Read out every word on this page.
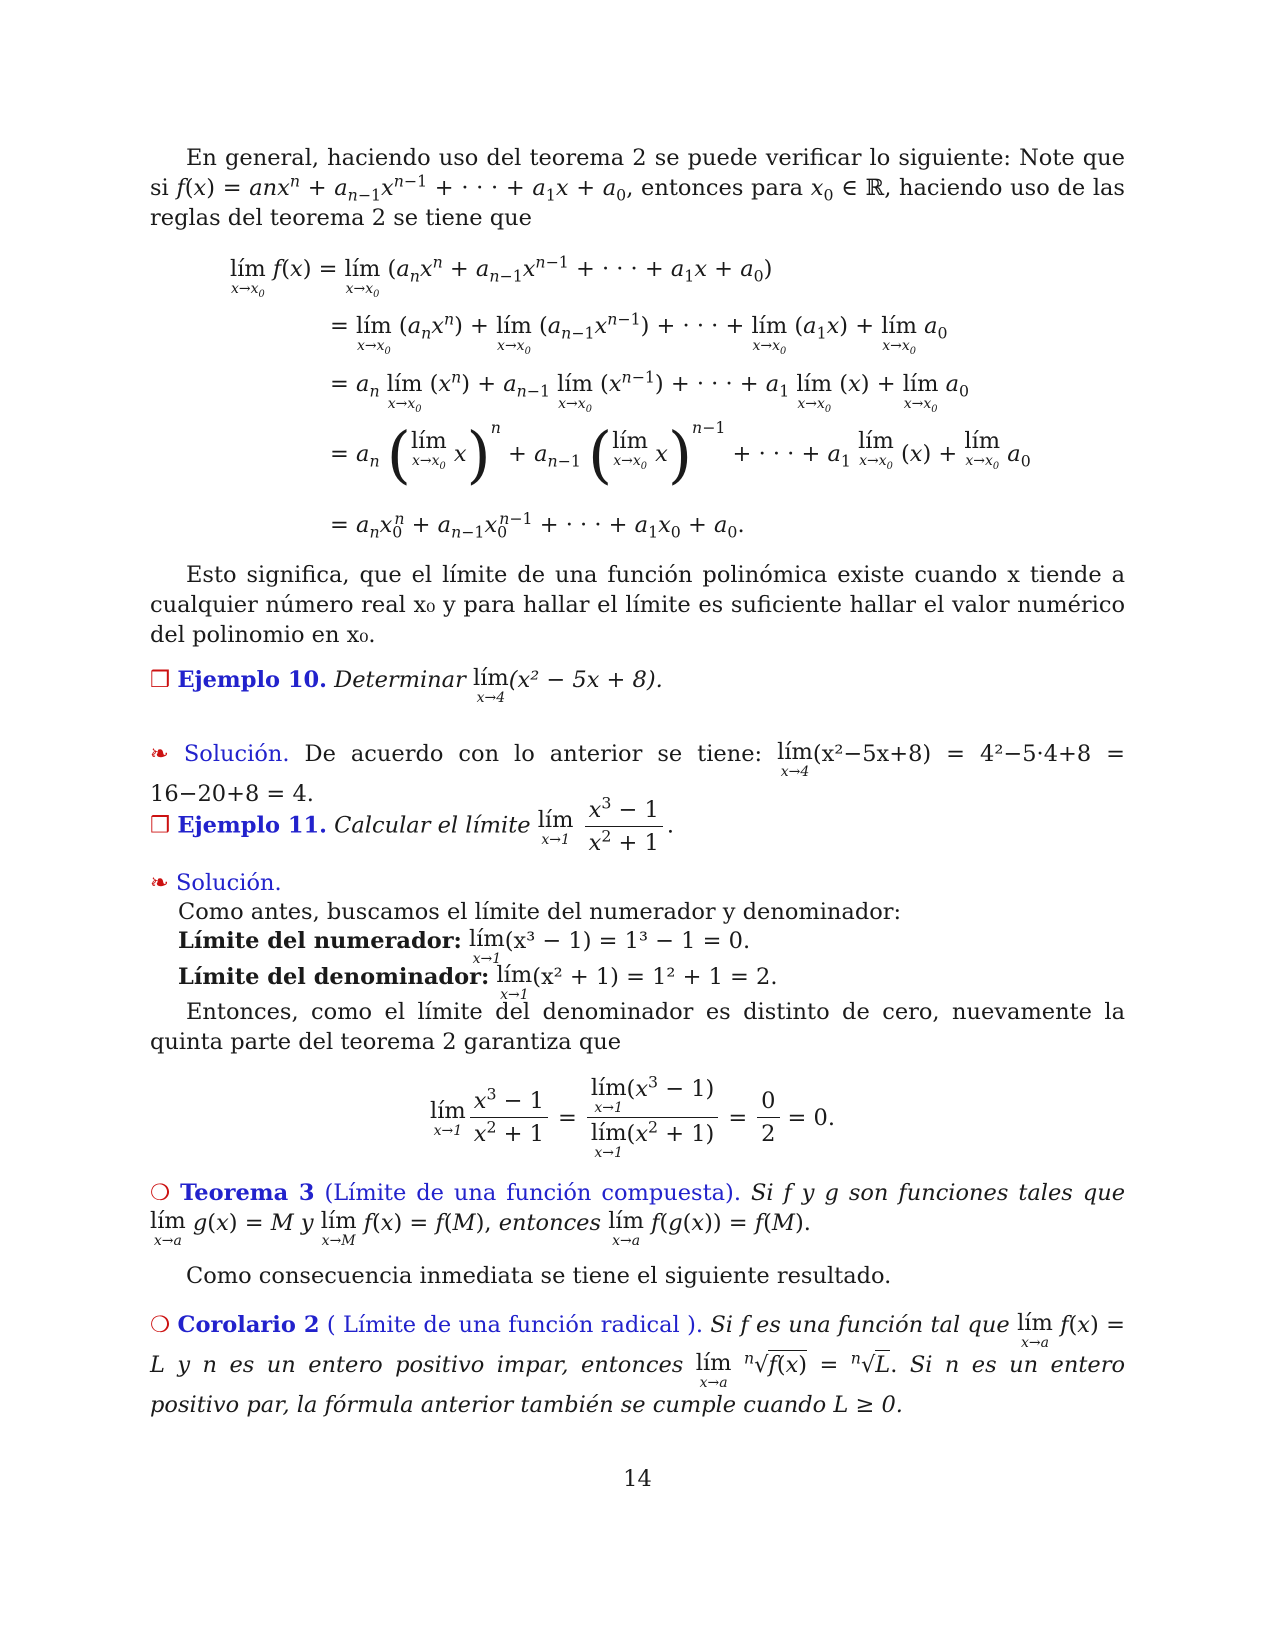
En general, haciendo uso del teorema 2 se puede verificar lo siguiente: Note que si $f(x) = anx^n + a_{n-1}x^{n-1}$ + · · · + $a_1x + a_0$, entonces para $x_0$ ∈ ℝ, haciendo uso de las reglas del teorema 2 se tiene que
lím
$x\to x_0$
f(x) = lím
$x\to x_0$
($a_nx^n + a_{n-1}x^{n-1}$ + · · · + $a_1x + a_0$)
= lím
$x\to x_0$
$(a_nx^n)$ + lím
$x\to x_0$
$(a_{n-1}x^{n-1})$ + · · · + lím
$x\to x_0$
$(a_1x)$ + lím
$x\to x_0$
$a_0$
= $a_n$ lím
$x\to x_0$
$(x^n) + a_{n-1}$ lím
$x\to x_0$
$(x^{n-1})$ + · · · + $a_1$ lím
$x\to x_0$
(x) + lím
$x\to x_0$
$a_0$
= $a_n$ ( lím
$x\to x_0$ $x)^n + a_{n-1}$ ( lím
$x\to x_0$ x)$^{n-1}$ + · · · + $a_1$
lím
$x\to x_0$ (x) + lím
$x\to x_0$ $a_0$
= $a_nx_0^n + a_{n-1}x_0^{n-1}$ + · · · + $a_1x_0 + a_0$.
Esto significa, que el límite de una función polinómica existe cuando x tiende a cualquier número real x₀ y para hallar el límite es suficiente hallar el valor numérico del polinomio en x₀.
❒ Ejemplo 10. Determinar lím
x→4
(x² − 5x + 8).
❧ Solución. De acuerdo con lo anterior se tiene: lím
x→4
(x²−5x+8) = 4²−5·4+8 = 16−20+8 = 4.
❒ Ejemplo 11. Calcular el límite lím
x→1
$\frac{x^3 - 1}{x^2 + 1}$ .
❧ Solución.
Como antes, buscamos el límite del numerador y denominador:
Límite del numerador: lím
x→1
(x³ − 1) = 1³ − 1 = 0.
Límite del denominador: lím
x→1
(x² + 1) = 1² + 1 = 2.
Entonces, como el límite del denominador es distinto de cero, nuevamente la quinta parte del teorema 2 garantiza que
lím
$x\to 1 \frac{x^3 - 1}{x^2 + 1}$ = lím
x→1
$(x^3 - 1)$
lím
x→1
$(x^2 + 1) = \frac{0}{2} = 0$.
❍ Teorema 3 (Límite de una función compuesta). Si f y g son funciones tales que
lím
x→a
g(x) = M y lím
x→M
f(x) = f(M), entonces lím
x→a
f(g(x)) = f(M).
Como consecuencia inmediata se tiene el siguiente resultado.
❍ Corolario 2 ( Límite de una función radical ). Si f es una función tal que lím
x→a
f(x) = L y n es un entero positivo impar, entonces lím
x→a
$^n$√f(x) = $^n$√L. Si n es un entero positivo par, la fórmula anterior también se cumple cuando L ≥ 0.
14
